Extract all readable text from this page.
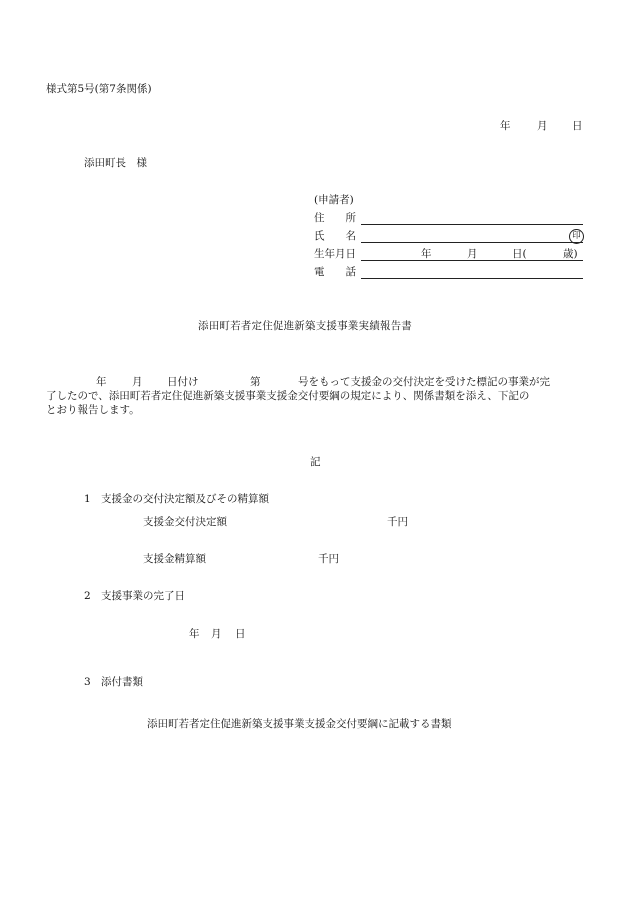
様式第5号(第7条関係)
年	月 日
添田町長　様
(申請者)
住　　所
氏　　名	印
生年月日	年	月	日(	歳)
電　　話
添田町若者定住促進新築支援事業実績報告書
年 月 日付け	第	号をもって支援金の交付決定を受けた標記の事業が完
了したので、添田町若者定住促進新築支援事業支援金交付要綱の規定により、関係書類を添え、下記の
とおり報告します。
記
1 支援金の交付決定額及びその精算額
支援金交付決定額	千円
支援金精算額	千円
2 支援事業の完了日
年 月 日
3 添付書類
添田町若者定住促進新築支援事業支援金交付要綱に記載する書類
